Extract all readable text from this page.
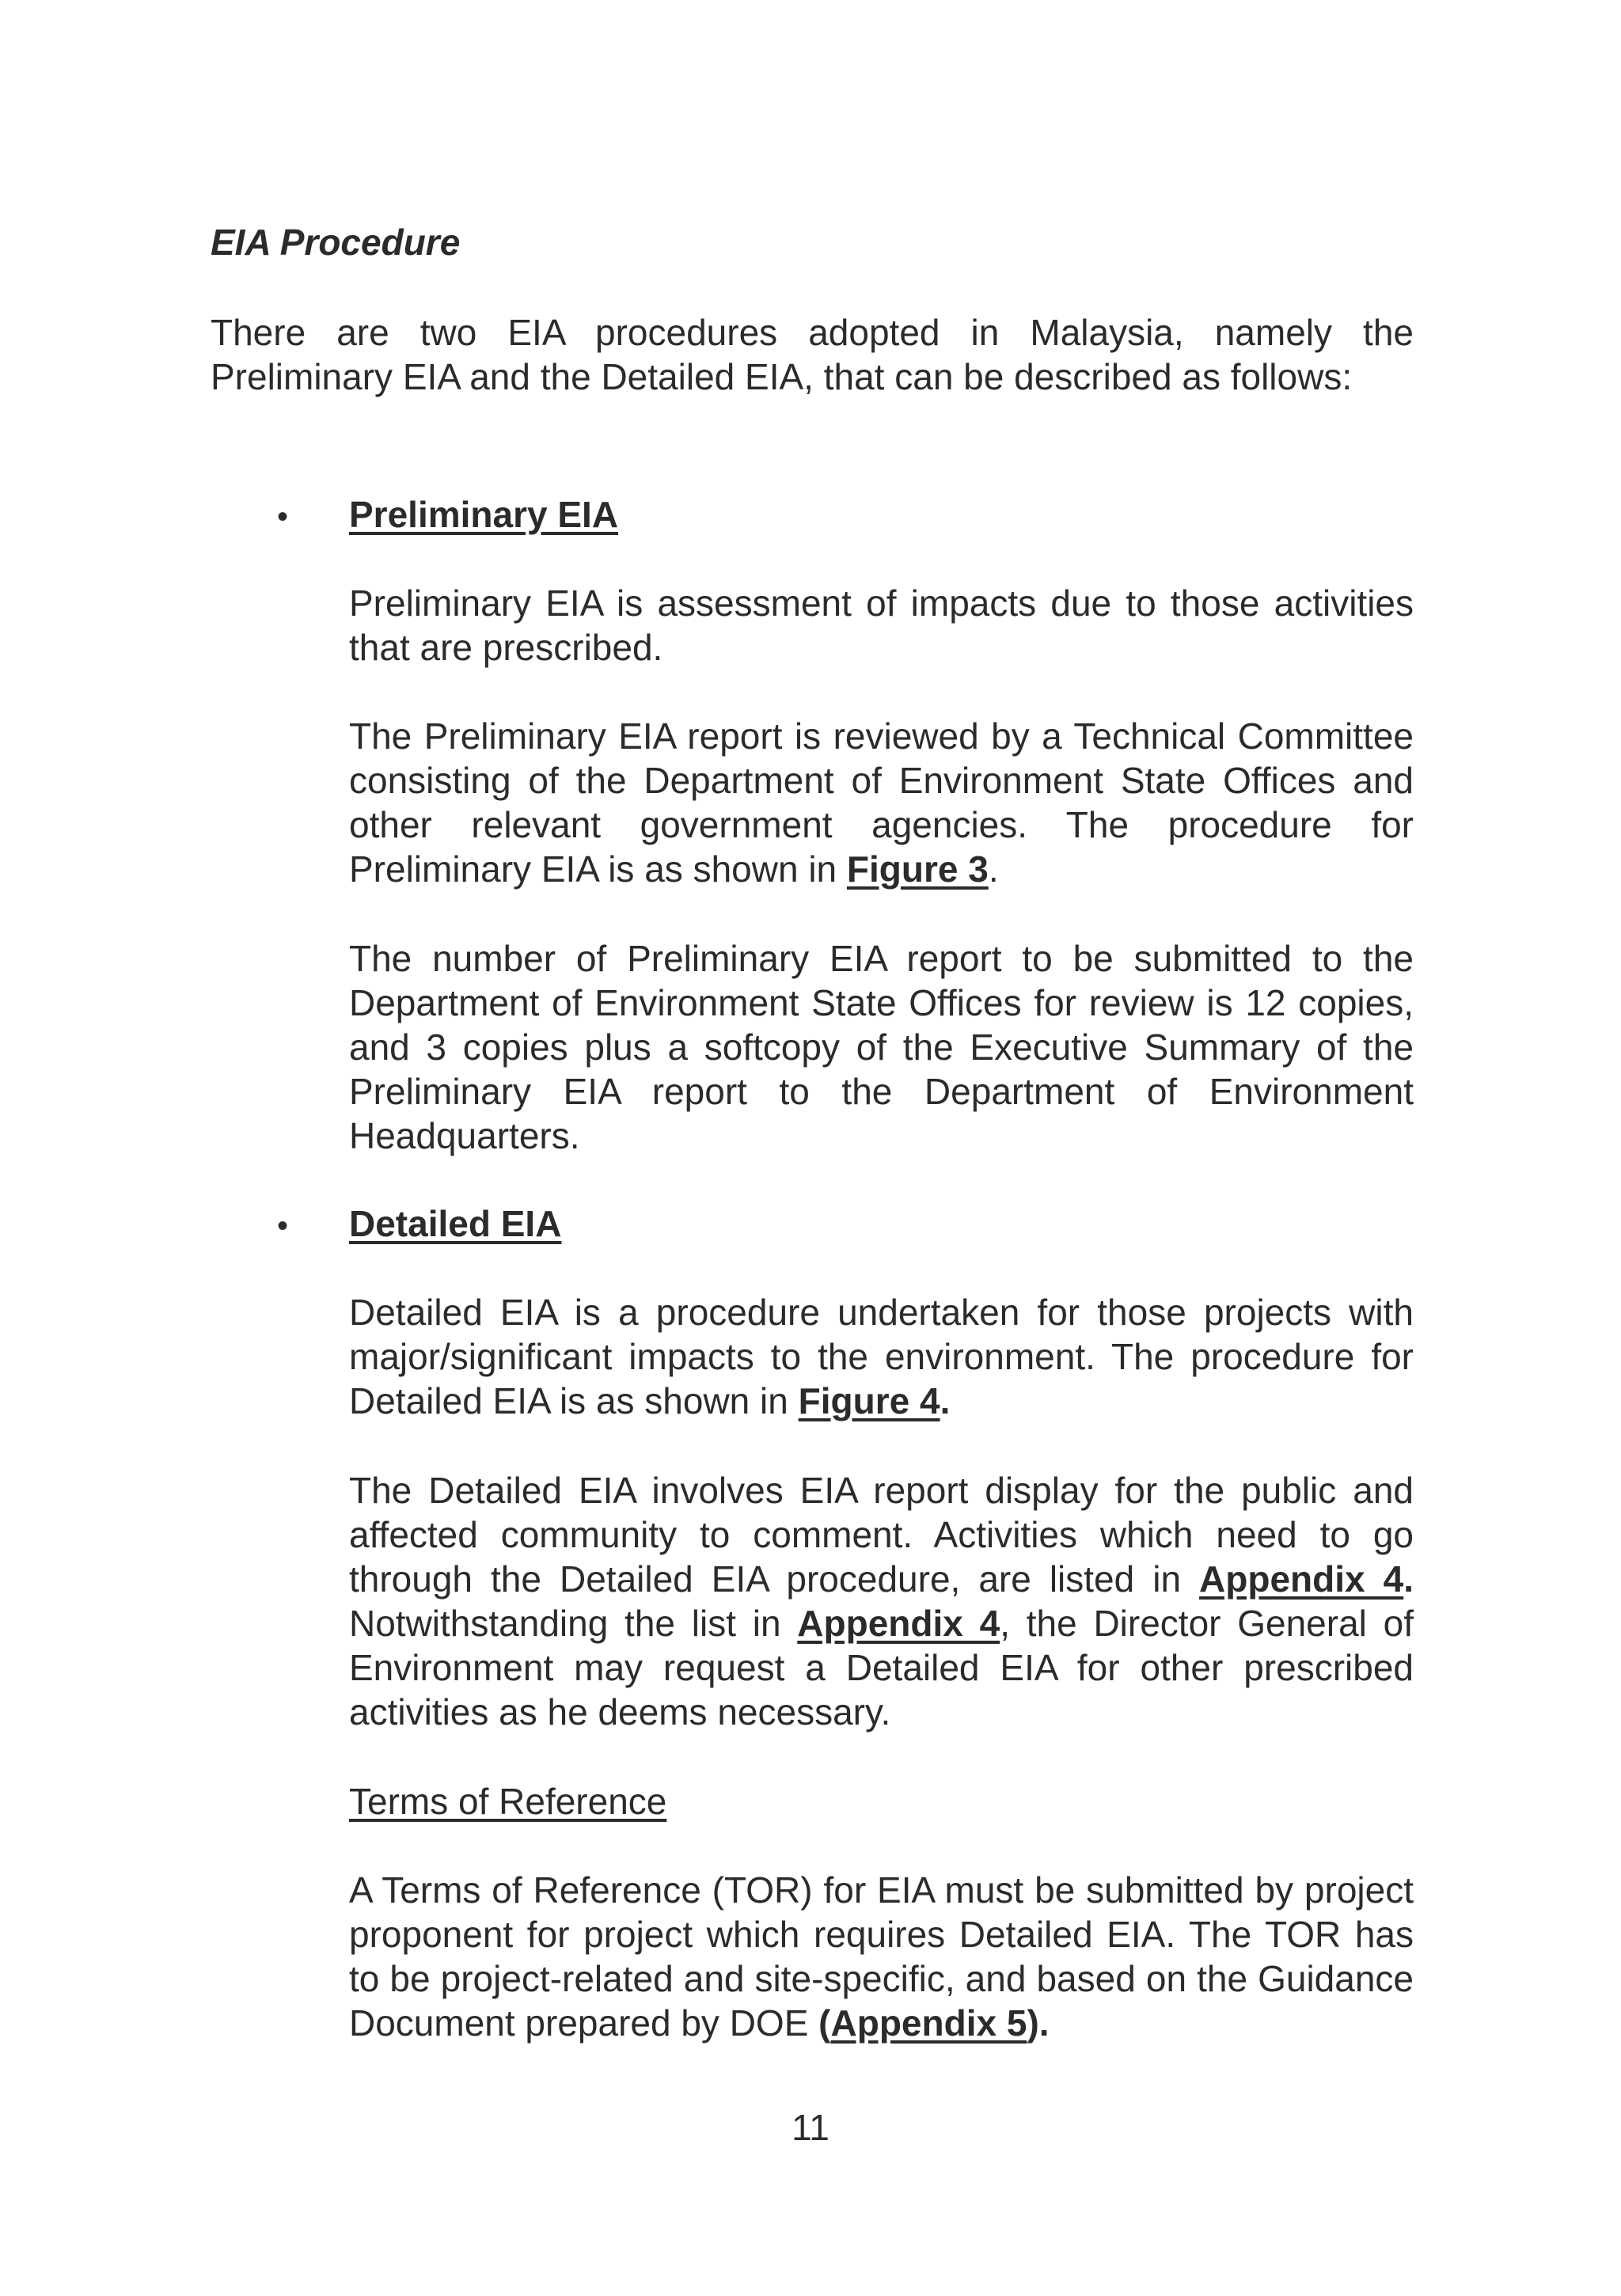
EIA Procedure

There are two EIA procedures adopted in Malaysia, namely the Preliminary EIA and the Detailed EIA, that can be described as follows:

•	Preliminary EIA

Preliminary EIA is assessment of impacts due to those activities that are prescribed.

The Preliminary EIA report is reviewed by a Technical Committee consisting of the Department of Environment State Offices and other relevant government agencies. The procedure for Preliminary EIA is as shown in Figure 3.

The number of Preliminary EIA report to be submitted to the Department of Environment State Offices for review is 12 copies, and 3 copies plus a softcopy of the Executive Summary of the Preliminary EIA report to the Department of Environment Headquarters.

•	Detailed EIA

Detailed EIA is a procedure undertaken for those projects with major/significant impacts to the environment. The procedure for Detailed EIA is as shown in Figure 4.

The Detailed EIA involves EIA report display for the public and affected community to comment. Activities which need to go through the Detailed EIA procedure, are listed in Appendix 4. Notwithstanding the list in Appendix 4, the Director General of Environment may request a Detailed EIA for other prescribed activities as he deems necessary.

Terms of Reference

A Terms of Reference (TOR) for EIA must be submitted by project proponent for project which requires Detailed EIA. The TOR has to be project-related and site-specific, and based on the Guidance Document prepared by DOE (Appendix 5).

11
